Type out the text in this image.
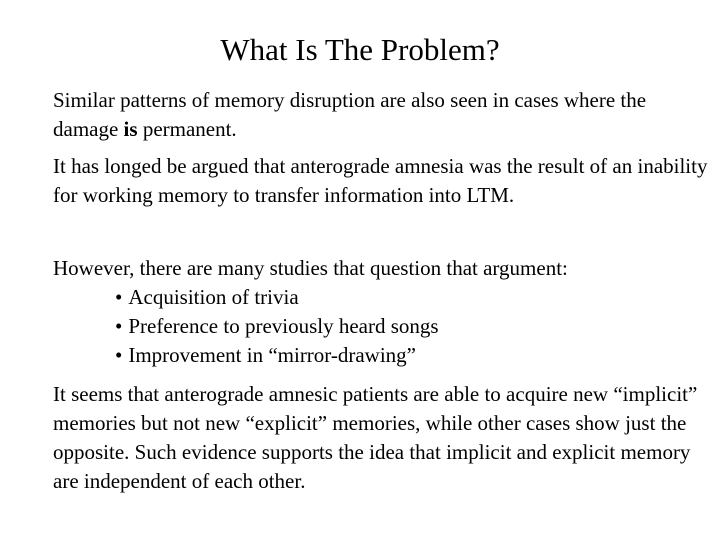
What Is The Problem?
Similar patterns of memory disruption are also seen in cases where the damage is permanent.
It has longed be argued that anterograde amnesia was the result of an inability for working memory to transfer information into LTM.
However, there are many studies that question that argument:
• Acquisition of trivia
• Preference to previously heard songs
• Improvement in “mirror-drawing”
It seems that anterograde amnesic patients are able to acquire new “implicit” memories but not new “explicit” memories, while other cases show just the opposite. Such evidence supports the idea that implicit and explicit memory are independent of each other.
